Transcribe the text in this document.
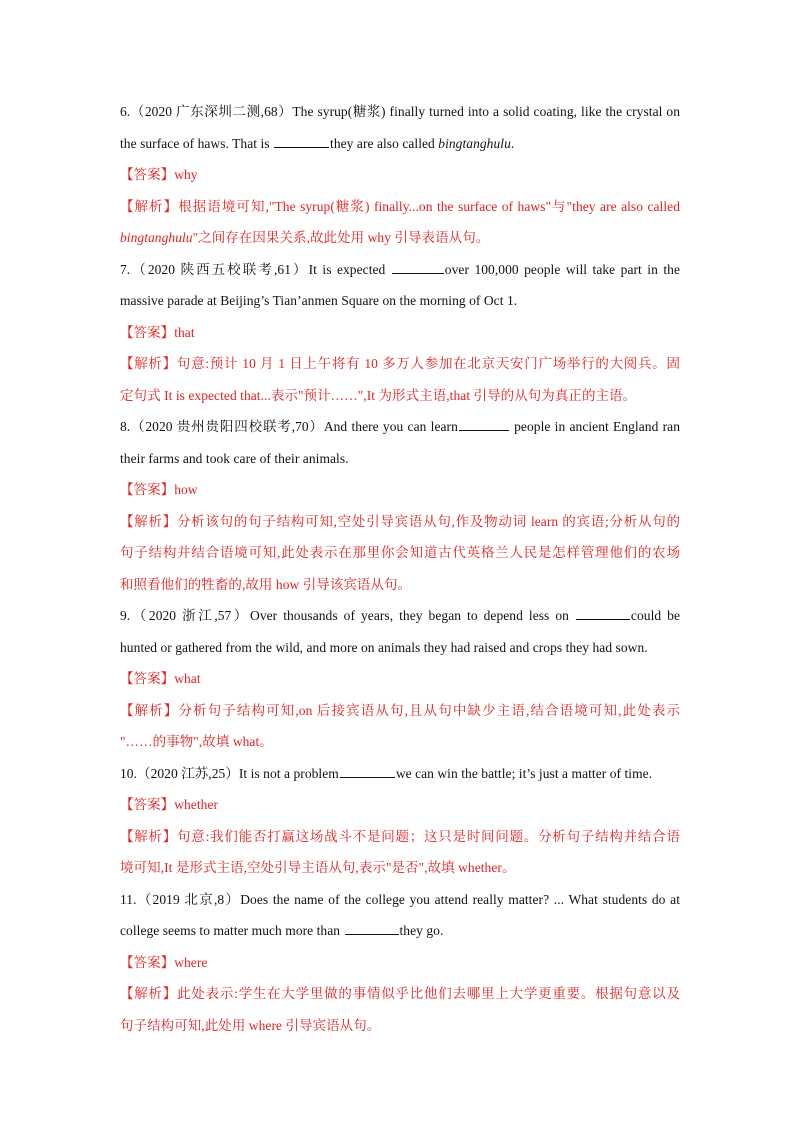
6.（2020 广东深圳二测,68）The syrup(糖浆) finally turned into a solid coating, like the crystal on
the surface of haws. That is	they are also called bingtanghulu.
【答案】why
【解析】根据语境可知,"The syrup(糖浆) finally...on the surface of haws"与"they are also called
bingtanghulu"之间存在因果关系,故此处用 why 引导表语从句。
7.（2020 陕西五校联考,61）It is expected	over 100,000 people will take part in the
massive parade at Beijing’s Tian’anmen Square on the morning of Oct 1.
【答案】that
【解析】句意:预计 10 月 1 日上午将有 10 多万人参加在北京天安门广场举行的大阅兵。固
定句式 It is expected that...表示"预计……",It 为形式主语,that 引导的从句为真正的主语。
8.（2020 贵州贵阳四校联考,70）And there you can learn	people in ancient England ran
their farms and took care of their animals.
【答案】how
【解析】分析该句的句子结构可知,空处引导宾语从句,作及物动词 learn 的宾语;分析从句的
句子结构并结合语境可知,此处表示在那里你会知道古代英格兰人民是怎样管理他们的农场
和照看他们的牲畜的,故用 how 引导该宾语从句。
9.（2020 浙江,57）Over thousands of years, they began to depend less on	could be
hunted or gathered from the wild, and more on animals they had raised and crops they had sown.
【答案】what
【解析】分析句子结构可知,on 后接宾语从句,且从句中缺少主语,结合语境可知,此处表示
"……的事物",故填 what。
10.（2020 江苏,25）It is not a problem	we can win the battle; it’s just a matter of time.
【答案】whether
【解析】句意:我们能否打赢这场战斗不是问题；这只是时间问题。分析句子结构并结合语
境可知,It 是形式主语,空处引导主语从句,表示"是否",故填 whether。
11.（2019 北京,8）Does the name of the college you attend really matter? ... What students do at
college seems to matter much more than	they go.
【答案】where
【解析】此处表示:学生在大学里做的事情似乎比他们去哪里上大学更重要。根据句意以及
句子结构可知,此处用 where 引导宾语从句。
